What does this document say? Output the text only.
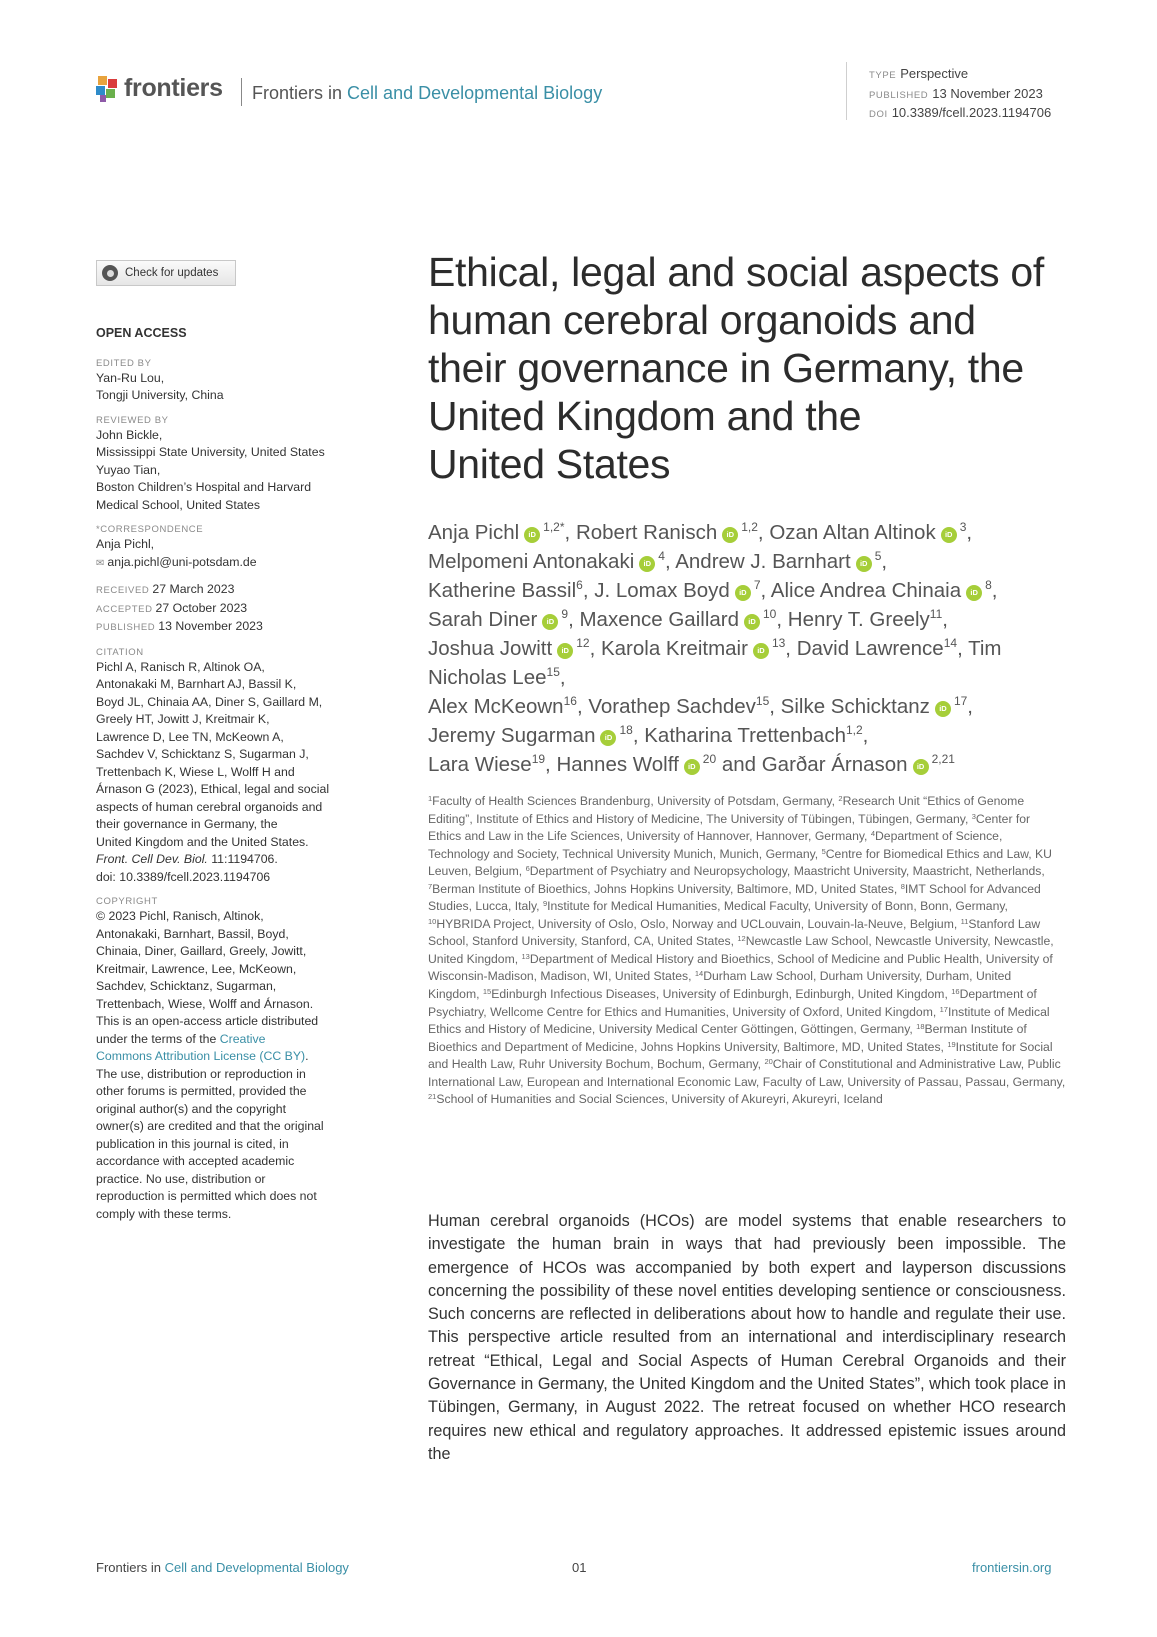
frontiers Frontiers in Cell and Developmental Biology
TYPE Perspective
PUBLISHED 13 November 2023
DOI 10.3389/fcell.2023.1194706
Check for updates
OPEN ACCESS
EDITED BY
Yan-Ru Lou,
Tongji University, China
REVIEWED BY
John Bickle,
Mississippi State University, United States
Yuyao Tian,
Boston Children’s Hospital and Harvard
Medical School, United States
*CORRESPONDENCE
Anja Pichl,
✉ anja.pichl@uni-potsdam.de
RECEIVED 27 March 2023
ACCEPTED 27 October 2023
PUBLISHED 13 November 2023
CITATION
Pichl A, Ranisch R, Altinok OA,
Antonakaki M, Barnhart AJ, Bassil K,
Boyd JL, Chinaia AA, Diner S, Gaillard M,
Greely HT, Jowitt J, Kreitmair K,
Lawrence D, Lee TN, McKeown A,
Sachdev V, Schicktanz S, Sugarman J,
Trettenbach K, Wiese L, Wolff H and
Árnason G (2023), Ethical, legal and social
aspects of human cerebral organoids and
their governance in Germany, the
United Kingdom and the United States.
Front. Cell Dev. Biol. 11:1194706.
doi: 10.3389/fcell.2023.1194706
COPYRIGHT
© 2023 Pichl, Ranisch, Altinok,
Antonakaki, Barnhart, Bassil, Boyd,
Chinaia, Diner, Gaillard, Greely, Jowitt,
Kreitmair, Lawrence, Lee, McKeown,
Sachdev, Schicktanz, Sugarman,
Trettenbach, Wiese, Wolff and Árnason.
This is an open-access article distributed
under the terms of the Creative
Commons Attribution License (CC BY).
The use, distribution or reproduction in
other forums is permitted, provided the
original author(s) and the copyright
owner(s) are credited and that the original
publication in this journal is cited, in
accordance with accepted academic
practice. No use, distribution or
reproduction is permitted which does not
comply with these terms.
Ethical, legal and social aspects of
human cerebral organoids and
their governance in Germany, the
United Kingdom and the
United States
Anja Pichl $iD^{1,2*}$, Robert Ranisch iD$^{1,2}$, Ozan Altan Altinok $iD^3$,
Melpomeni Antonakaki $iD^4$, Andrew J. Barnhart $iD^5$,
Katherine Bassil$^6$, J. Lomax Boyd $iD^7$, Alice Andrea Chinaia $iD^8$,
Sarah Diner $iD^9$, Maxence Gaillard $iD^{10}$, Henry T. Greely$^{11}$,
Joshua Jowitt $iD^{12}$, Karola Kreitmair $iD^{13}$, David Lawrence$^{14}$, Tim Nicholas Lee$^{15}$,
Alex McKeown$^{16}$, Vorathep Sachdev$^{15}$, Silke Schicktanz $iD^{17}$,
Jeremy Sugarman $iD^{18}$, Katharina Trettenbach$^{1,2}$,
Lara Wiese$^{19}$, Hannes Wolff $iD^{20}$ and Garðar Árnason iD$^{2,21}$

$^1$Faculty of Health Sciences Brandenburg, University of Potsdam, Germany, $^2$Research Unit “Ethics of Genome Editing”, Institute of Ethics and History of Medicine, The University of Tübingen, Tübingen, Germany, $^3$Center for Ethics and Law in the Life Sciences, University of Hannover, Hannover, Germany, $^4$Department of Science, Technology and Society, Technical University Munich, Munich, Germany, $^5$Centre for Biomedical Ethics and Law, KU Leuven, Belgium, $^6$Department of Psychiatry and Neuropsychology, Maastricht University, Maastricht, Netherlands, $^7$Berman Institute of Bioethics, Johns Hopkins University, Baltimore, MD, United States, $^8$IMT School for Advanced Studies, Lucca, Italy, $^9$Institute for Medical Humanities, Medical Faculty, University of Bonn, Bonn, Germany, $^{10}$HYBRIDA Project, University of Oslo, Oslo, Norway and UCLouvain, Louvain-la-Neuve, Belgium, $^{11}$Stanford Law School, Stanford University, Stanford, CA, United States, $^{12}$Newcastle Law School, Newcastle University, Newcastle, United Kingdom, $^{13}$Department of Medical History and Bioethics, School of Medicine and Public Health, University of Wisconsin-Madison, Madison, WI, United States, $^{14}$Durham Law School, Durham University, Durham, United Kingdom, $^{15}$Edinburgh Infectious Diseases, University of Edinburgh, Edinburgh, United Kingdom, $^{16}$Department of Psychiatry, Wellcome Centre for Ethics and Humanities, University of Oxford, United Kingdom, $^{17}$Institute of Medical Ethics and History of Medicine, University Medical Center Göttingen, Göttingen, Germany, $^{18}$Berman Institute of Bioethics and Department of Medicine, Johns Hopkins University, Baltimore, MD, United States, $^{19}$Institute for Social and Health Law, Ruhr University Bochum, Bochum, Germany, $^{20}$Chair of Constitutional and Administrative Law, Public International Law, European and International Economic Law, Faculty of Law, University of Passau, Passau, Germany, $^{21}$School of Humanities and Social Sciences, University of Akureyri, Akureyri, Iceland
Human cerebral organoids (HCOs) are model systems that enable researchers to investigate the human brain in ways that had previously been impossible. The emergence of HCOs was accompanied by both expert and layperson discussions concerning the possibility of these novel entities developing sentience or consciousness. Such concerns are reflected in deliberations about how to handle and regulate their use. This perspective article resulted from an international and interdisciplinary research retreat “Ethical, Legal and Social Aspects of Human Cerebral Organoids and their Governance in Germany, the United Kingdom and the United States”, which took place in Tübingen, Germany, in August 2022. The retreat focused on whether HCO research requires new ethical and regulatory approaches. It addressed epistemic issues around the
Frontiers in Cell and Developmental Biology	01	frontiersin.org
